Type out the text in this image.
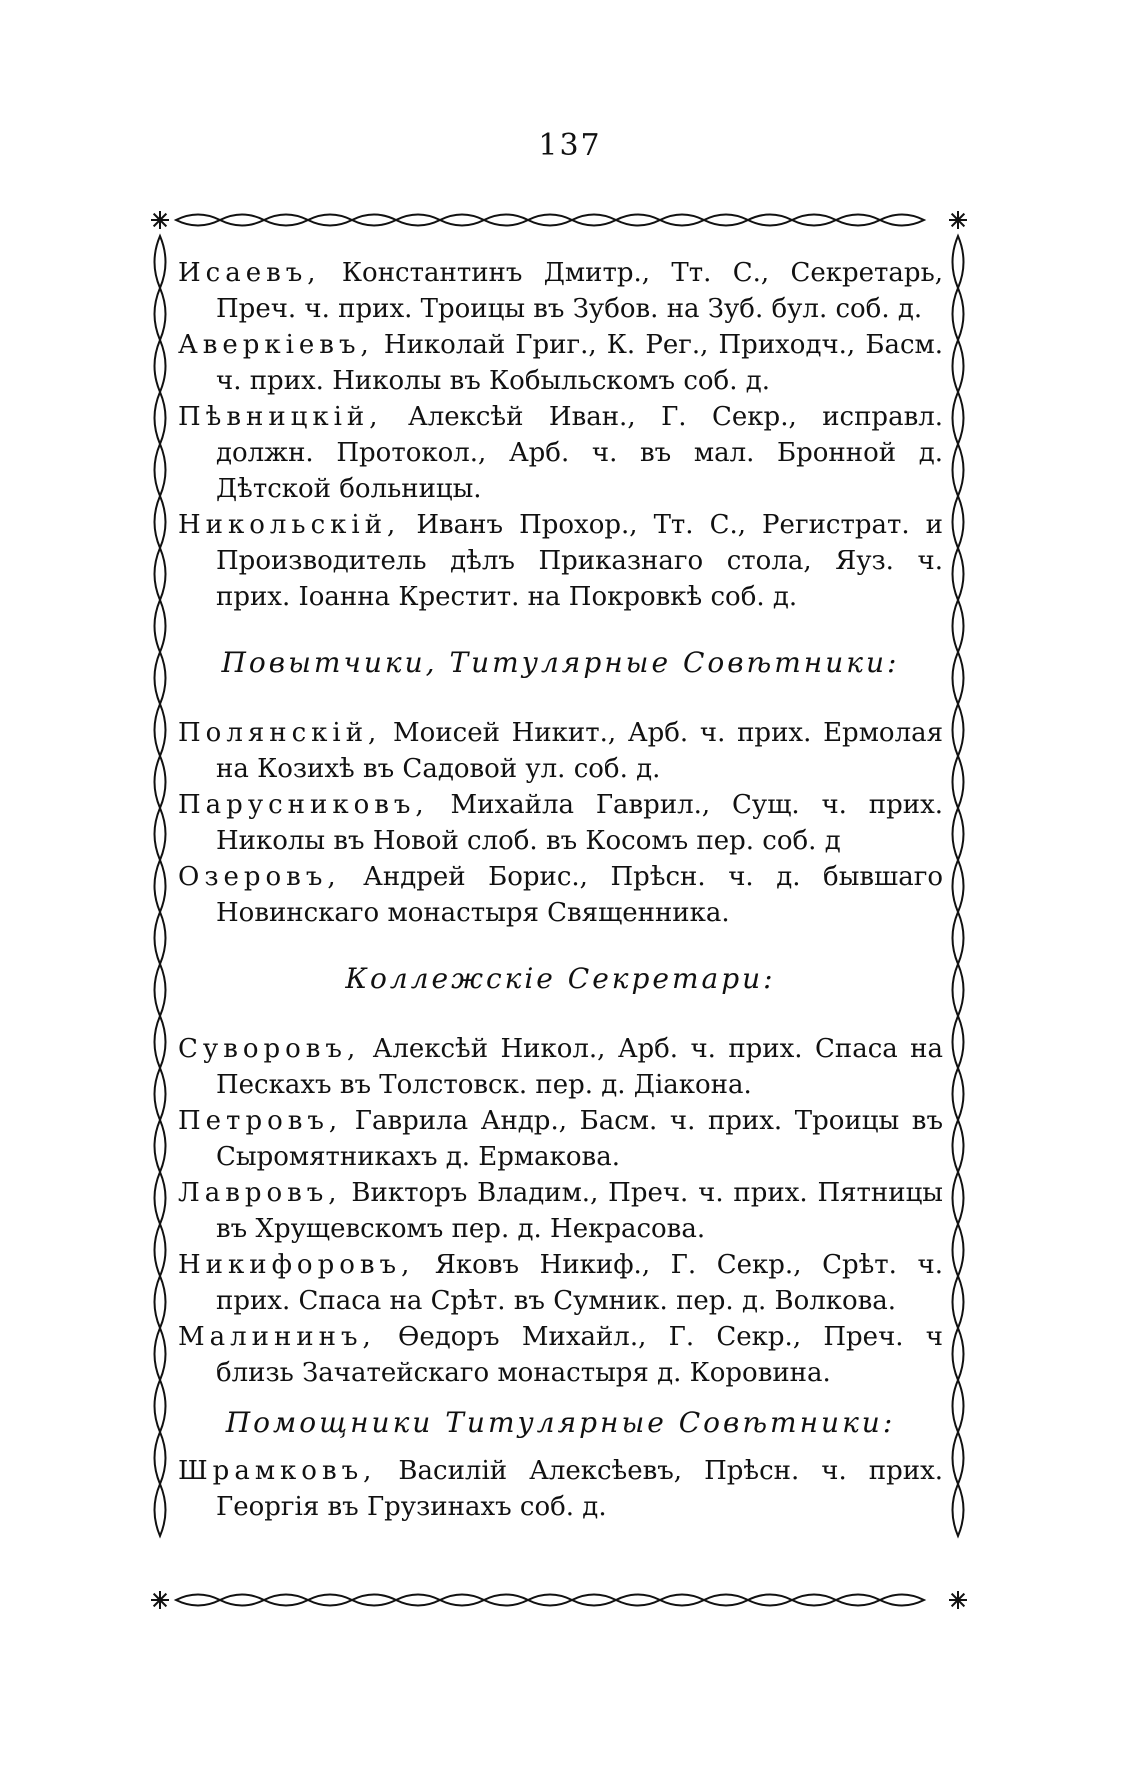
137

Исаевъ, Константинъ Дмитр., Тт. С., Секретарь, Преч. ч. прих. Троицы въ Зубов. на Зуб. бул. соб. д.

Аверкіевъ, Николай Григ., К. Рег., Приходч., Басм. ч. прих. Николы въ Кобыльскомъ соб. д.

Пѣвницкій, Алексѣй Иван., Г. Секр., исправл. должн. Протокол., Арб. ч. въ мал. Бронной д. Дѣтской больницы.

Никольскій, Иванъ Прохор., Тт. С., Регистрат. и Производитель дѣлъ Приказнаго стола, Яуз. ч. прих. Іоанна Крестит. на Покровкѣ соб. д.

Повытчики, Титулярные Совѣтники:

Полянскій, Моисей Никит., Арб. ч. прих. Ермолая на Козихѣ въ Садовой ул. соб. д.

Парусниковъ, Михайла Гаврил., Сущ. ч. прих. Николы въ Новой слоб. въ Косомъ пер. соб. д

Озеровъ, Андрей Борис., Прѣсн. ч. д. бывшаго Новинскаго монастыря Священника.

Коллежскіе Секретари:

Суворовъ, Алексѣй Никол., Арб. ч. прих. Спаса на Пескахъ въ Толстовск. пер. д. Діакона.

Петровъ, Гаврила Андр., Басм. ч. прих. Троицы въ Сыромятникахъ д. Ермакова.

Лавровъ, Викторъ Владим., Преч. ч. прих. Пятницы въ Хрущевскомъ пер. д. Некрасова.

Никифоровъ, Яковъ Никиф., Г. Секр., Срѣт. ч. прих. Спаса на Срѣт. въ Сумник. пер. д. Волкова.

Малининъ, Ѳедоръ Михайл., Г. Секр., Преч. ч близь Зачатейскаго монастыря д. Коровина.

Помощники Титулярные Совѣтники:

Шрамковъ, Василій Алексѣевъ, Прѣсн. ч. прих. Георгія въ Грузинахъ соб. д.
